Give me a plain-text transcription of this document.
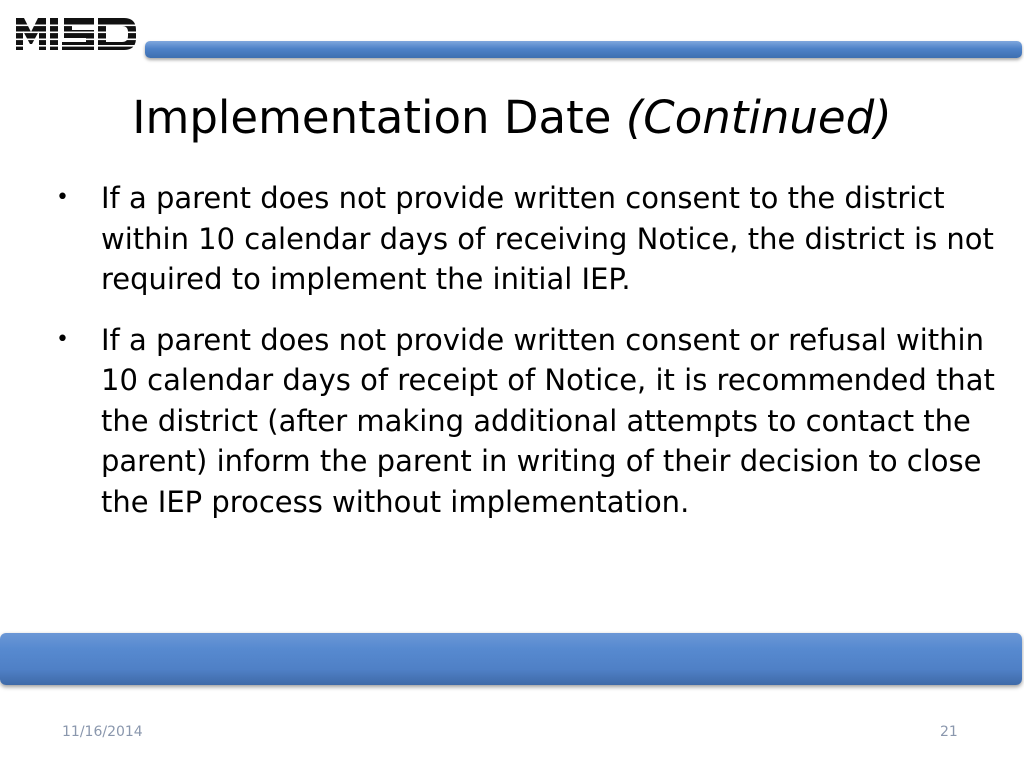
MISD
Implementation Date (Continued)
• If a parent does not provide written consent to the district within 10 calendar days of receiving Notice, the district is not required to implement the initial IEP.
• If a parent does not provide written consent or refusal within 10 calendar days of receipt of Notice, it is recommended that the district (after making additional attempts to contact the parent) inform the parent in writing of their decision to close the IEP process without implementation.
11/16/2014	21
